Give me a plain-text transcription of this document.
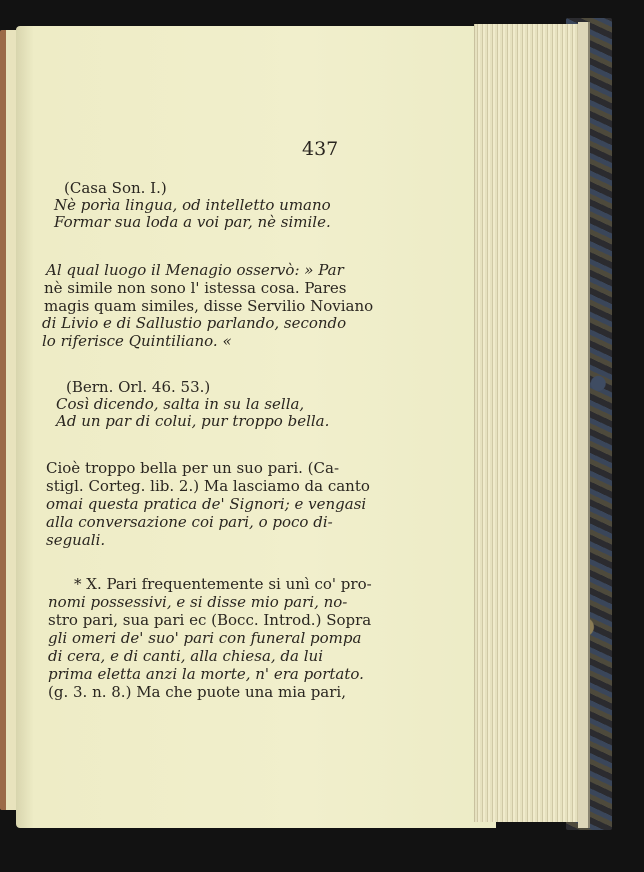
437
(Casa Son. I.)
Nè porìa lingua, od intelletto umano
Formar sua loda a voi par, nè simile.
Al qual luogo il Menagio osservò: » Par
nè simile non sono l' istessa cosa. Pares
magis quam similes, disse Servilio Noviano
di Livio e di Sallustio parlando, secondo
lo riferisce Quintiliano. «
(Bern. Orl. 46. 53.)
Così dicendo, salta in su la sella,
Ad un par di colui, pur troppo bella.
Cioè troppo bella per un suo pari. (Ca-
stigl. Corteg. lib. 2.) Ma lasciamo da canto
omai questa pratica de' Signori; e vengasi
alla conversazione coi pari, o poco di-
seguali.
* X. Pari frequentemente si unì co' pro-
nomi possessivi, e si disse mio pari, no-
stro pari, sua pari ec (Bocc. Introd.) Sopra
gli omeri de' suo' pari con funeral pompa
di cera, e di canti, alla chiesa, da lui
prima eletta anzi la morte, n' era portato.
(g. 3. n. 8.) Ma che puote una mia pari,
